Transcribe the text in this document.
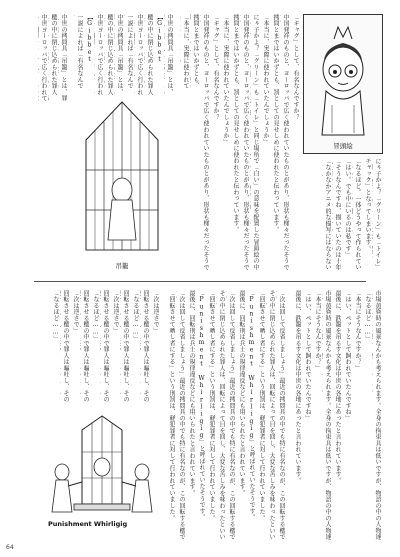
冒頭絵
にゃ子かよ？「グリーン」も「トイレ」
チャック」となってしまいます。
「なるほど。一体どうやって作られてい
「はい。でも中にいるのは私です」
「そうなんですね、描いていたのは十年
「なかなかアニメ的な描写にはならない
「ギャグ」として、有名なんですか？
中国発祥のものと、ヨーロッパで広く使われていたものとがあり、形状も様々だったそうで
拷問とまではいかずとも、罰としての見せしめに使われたと伝わっています。
「本当に、実際に使われていたんでしょうか」
にゃ子かよ？「グリーン」も「トイレ」と同じ場所で「白い」の意味を配置した冒頭絵の中
中国発祥のものと、ヨーロッパで広く使われていたものとがあり、形状も様々だったそうで
拷問とまではいかずとも、罰としての見せしめに使われたと伝わっています。
「本当に、実際に使われていたんでしょうか」
「ギャグ」として、有名なんですか？
中国発祥のものと、ヨーロッパで広く使われていたものとがあり、形状も様々だったそうで
拷問とまではいかずとも、
「本当に、実際に使われて
吊籠
中世の拷問具「吊籠」とは、
【Gibbet
檻の中に閉じ込められた罪人
中世ヨーロッパで広く行われ
一説によれば「有名なんで
中世の拷問具「吊籠」とは、
檻の中に閉じ込められた罪人
中世ヨーロッパで広く行われ
【Gibbet
一説によれば「有名なんで
中世の拷問具「吊籠」とは、罪
檻の中に閉じ込められた罪人
中世ヨーロッパで広く行われて
市場黄昏時の風景なんかも考えられます。全身の拘束具は低いですが、物語の中の人物達
「なるほど……」
「本当にそうなんですか？」
「はい、ペットとして飼われていたんですね」
最後に、鉄籠を吊るす文化は中世の各地にあったと言われています。
市場黄昏時の風景なんかも考えられます。全身の拘束具は低いですが、物語の中の人物達
「本当にそうなんですか？」
「はい、ペットとして飼われていたんですね」
最後に、鉄籠を吊るす文化は中世の各地にあったと言われています。
「次は回して反省しましょう」最近の拷問具の中でも特に有名なのが、この回転する檻で
その中に閉じ込められた罪人は、回転によって目を回し、大変な苦しみを味わったといい
「回転させて晒し者にする」という刑罰は、軽犯罪者に対して行われていました。
「Punishment Whirligig」と呼ばれていたそうです。
最後に、回転刑は兵士の規律違反などにも用いられたと言われています。
「次は回して反省しましょう」最近の拷問具の中でも特に有名なのが、この回転する檻で
その中に閉じ込められた罪人は、回転によって目を回し、大変な苦しみを味わったといい
「回転させて晒し者にする」という刑罰は、軽犯罪者に対して行われていました。
「Punishment Whirligig」と呼ばれていたそうです。
最後に、回転刑は兵士の規律違反などにも用いられたと言われています。
「次は回して反省しましょう」最近の拷問具の中でも特に有名なのが、この回転する檻で
「回転させて晒し者にする」という刑罰は、軽犯罪者に対して行われていました。
「次は逆さで」
回転させる檻の中で罪人は嘔吐し、その
「なるほど……」
回転させる檻の中で罪人は嘔吐し、その
「次は逆さで」
回転させる檻の中で罪人は嘔吐し、その
「なるほど……」
回転させる檻の中で罪人は嘔吐し、その
「次は逆さで」
回転させる檻の中で罪人は嘔吐し、その
「なるほど……」
Punishment Whirligig
64
